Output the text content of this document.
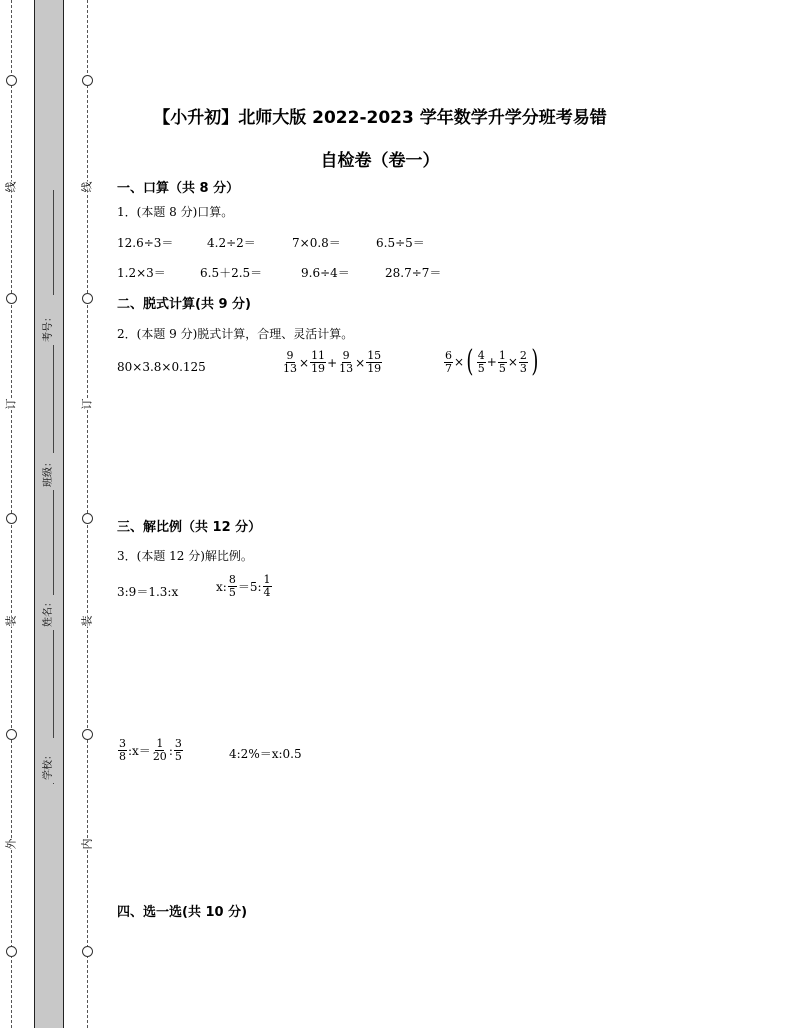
线
订
装
外
线
订
装
内
考号：
班级：
姓名：
学校：
【小升初】北师大版 2022-2023 学年数学升学分班考易错
自检卷（卷一）
一、口算（共 8 分）
1．(本题 8 分)口算。
12.6÷3＝	4.2÷2＝	7×0.8＝	6.5÷5＝
1.2×3＝	6.5＋2.5＝	9.6÷4＝	28.7÷7＝
二、脱式计算(共 9 分)
2．(本题 9 分)脱式计算，合理、灵活计算。
80×3.8×0.125	$\frac{9}{13} \times \frac{11}{19} + \frac{9}{13} \times \frac{15}{19}$	$\frac{6}{7}$ × ( $\frac{4}{5} + \frac{1}{5} \times \frac{2}{3}$ )
三、解比例（共 12 分）
3．(本题 12 分)解比例。
3:9＝1.3:x	x: $\frac{8}{5} =5$: $\frac{1}{4}$
$\frac{3}{8}$ :x＝ $\frac{1}{20}$ : $\frac{3}{5}$	4:2%＝x:0.5
四、选一选(共 10 分)
